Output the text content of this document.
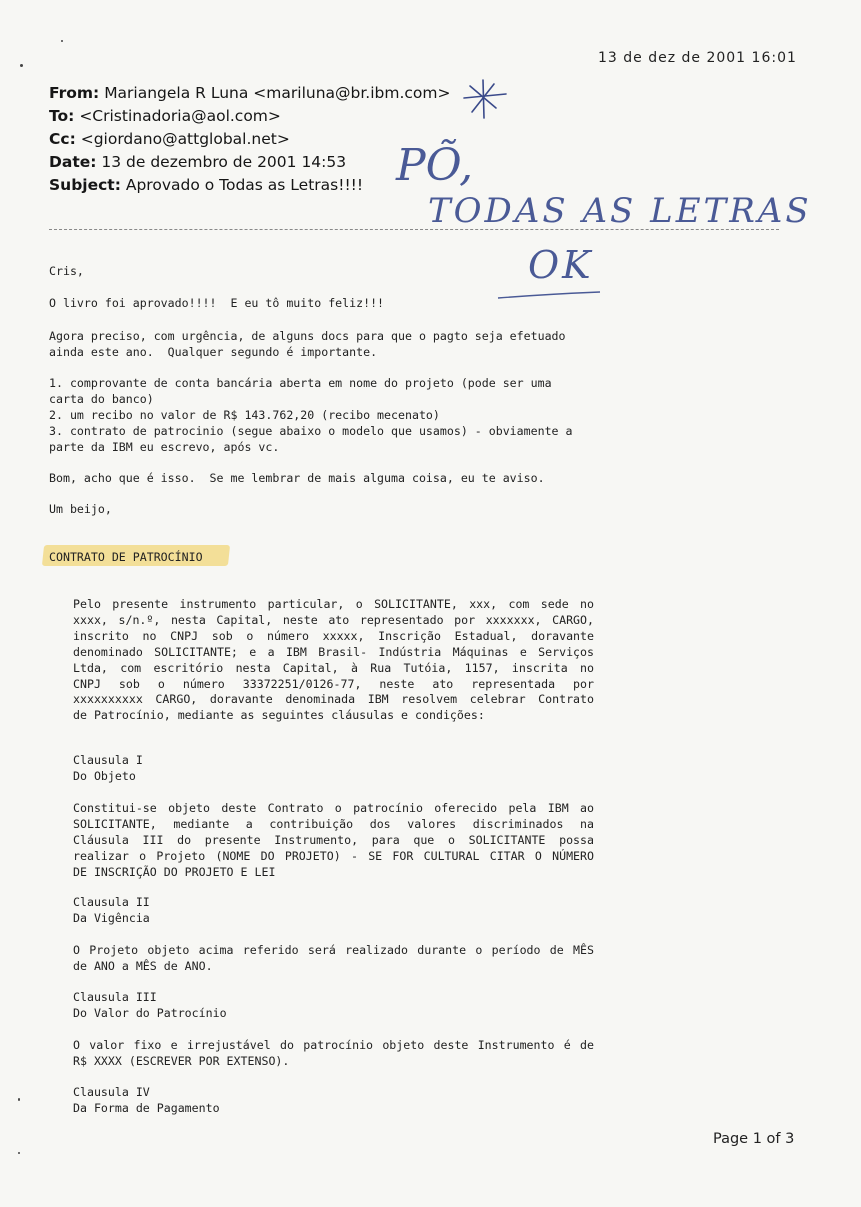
13 de dez de 2001 16:01
From: Mariangela R Luna <mariluna@br.ibm.com>
To: <Cristinadoria@aol.com>
Cc: <giordano@attglobal.net>
Date: 13 de dezembro de 2001 14:53
Subject: Aprovado o Todas as Letras!!!! PÕ,
TODAS AS LETRAS
OK
Cris,
O livro foi aprovado!!!!  E eu tô muito feliz!!!
Agora preciso, com urgência, de alguns docs para que o pagto seja efetuado
ainda este ano.  Qualquer segundo é importante.
1. comprovante de conta bancária aberta em nome do projeto (pode ser uma
carta do banco)
2. um recibo no valor de R$ 143.762,20 (recibo mecenato)
3. contrato de patrocinio (segue abaixo o modelo que usamos) - obviamente a
parte da IBM eu escrevo, após vc.
Bom, acho que é isso.  Se me lembrar de mais alguma coisa, eu te aviso.
Um beijo,
CONTRATO DE PATROCÍNIO
Pelo presente instrumento particular, o SOLICITANTE, xxx, com sede no
xxxx, s/n.º, nesta Capital, neste ato representado por xxxxxxx, CARGO,
inscrito no CNPJ sob o número xxxxx, Inscrição Estadual, doravante
denominado SOLICITANTE; e a IBM Brasil- Indústria Máquinas e Serviços
Ltda, com escritório nesta Capital, à Rua Tutóia, 1157, inscrita no
CNPJ sob o número 33372251/0126-77, neste ato representada por
xxxxxxxxxx CARGO, doravante denominada IBM resolvem celebrar Contrato
de Patrocínio, mediante as seguintes cláusulas e condições:
Clausula I
Do Objeto
Constitui-se objeto deste Contrato o patrocínio oferecido pela IBM ao
SOLICITANTE, mediante a contribuição dos valores discriminados na
Cláusula III do presente Instrumento, para que o SOLICITANTE possa
realizar o Projeto (NOME DO PROJETO) - SE FOR CULTURAL CITAR O NÚMERO
DE INSCRIÇÃO DO PROJETO E LEI
Clausula II
Da Vigência
O Projeto objeto acima referido será realizado durante o período de MÊS
de ANO a MÊS de ANO.
Clausula III
Do Valor do Patrocínio
O valor fixo e irrejustável do patrocínio objeto deste Instrumento é de
R$ XXXX (ESCREVER POR EXTENSO).
Clausula IV
Da Forma de Pagamento
Page 1 of 3
